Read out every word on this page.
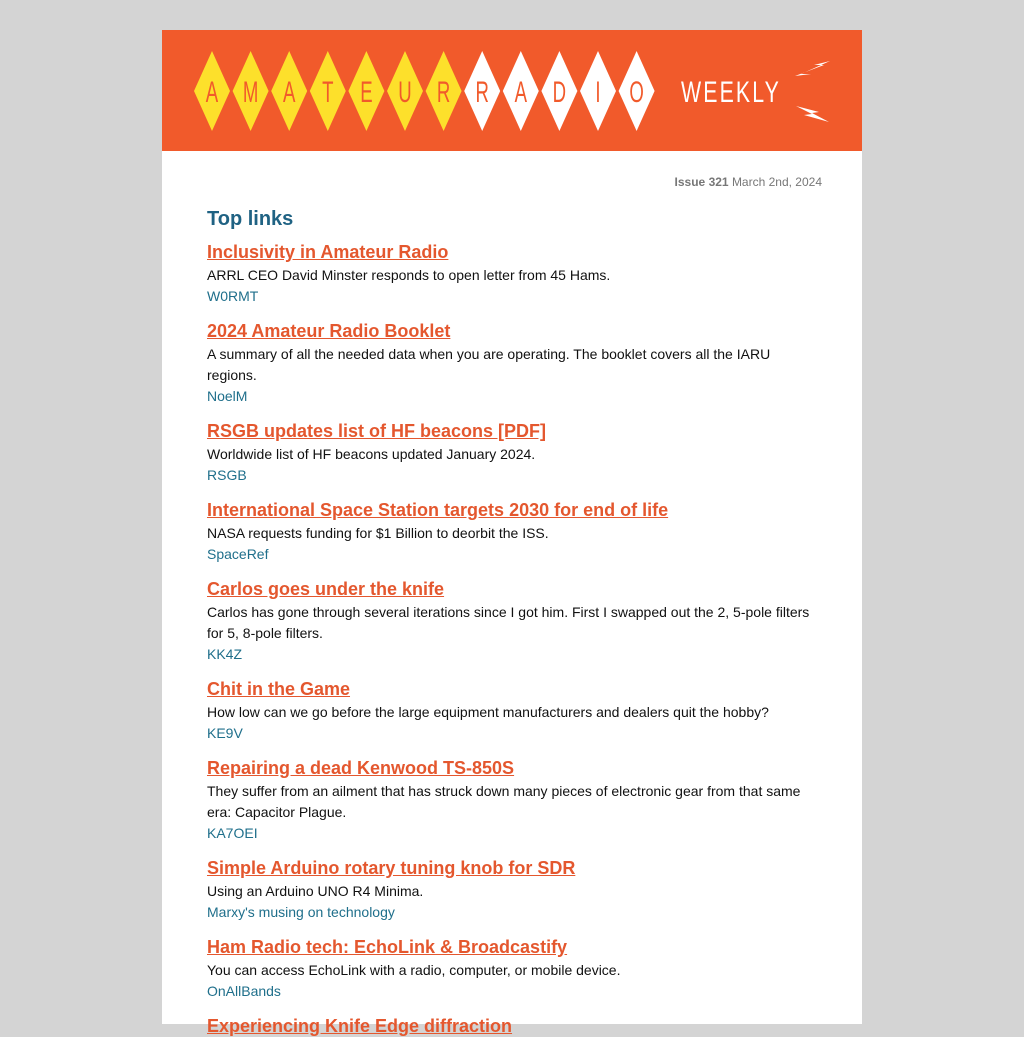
A M A T E U R R A D I O WEEKLY
Issue 321 March 2nd, 2024
Top links
Inclusivity in Amateur Radio
ARRL CEO David Minster responds to open letter from 45 Hams.
W0RMT
2024 Amateur Radio Booklet
A summary of all the needed data when you are operating. The booklet covers all the IARU regions.
NoelM
RSGB updates list of HF beacons [PDF]
Worldwide list of HF beacons updated January 2024.
RSGB
International Space Station targets 2030 for end of life
NASA requests funding for $1 Billion to deorbit the ISS.
SpaceRef
Carlos goes under the knife
Carlos has gone through several iterations since I got him. First I swapped out the 2, 5-pole filters for 5, 8-pole filters.
KK4Z
Chit in the Game
How low can we go before the large equipment manufacturers and dealers quit the hobby?
KE9V
Repairing a dead Kenwood TS-850S
They suffer from an ailment that has struck down many pieces of electronic gear from that same era: Capacitor Plague.
KA7OEI
Simple Arduino rotary tuning knob for SDR
Using an Arduino UNO R4 Minima.
Marxy's musing on technology
Ham Radio tech: EchoLink & Broadcastify
You can access EchoLink with a radio, computer, or mobile device.
OnAllBands
Experiencing Knife Edge diffraction
